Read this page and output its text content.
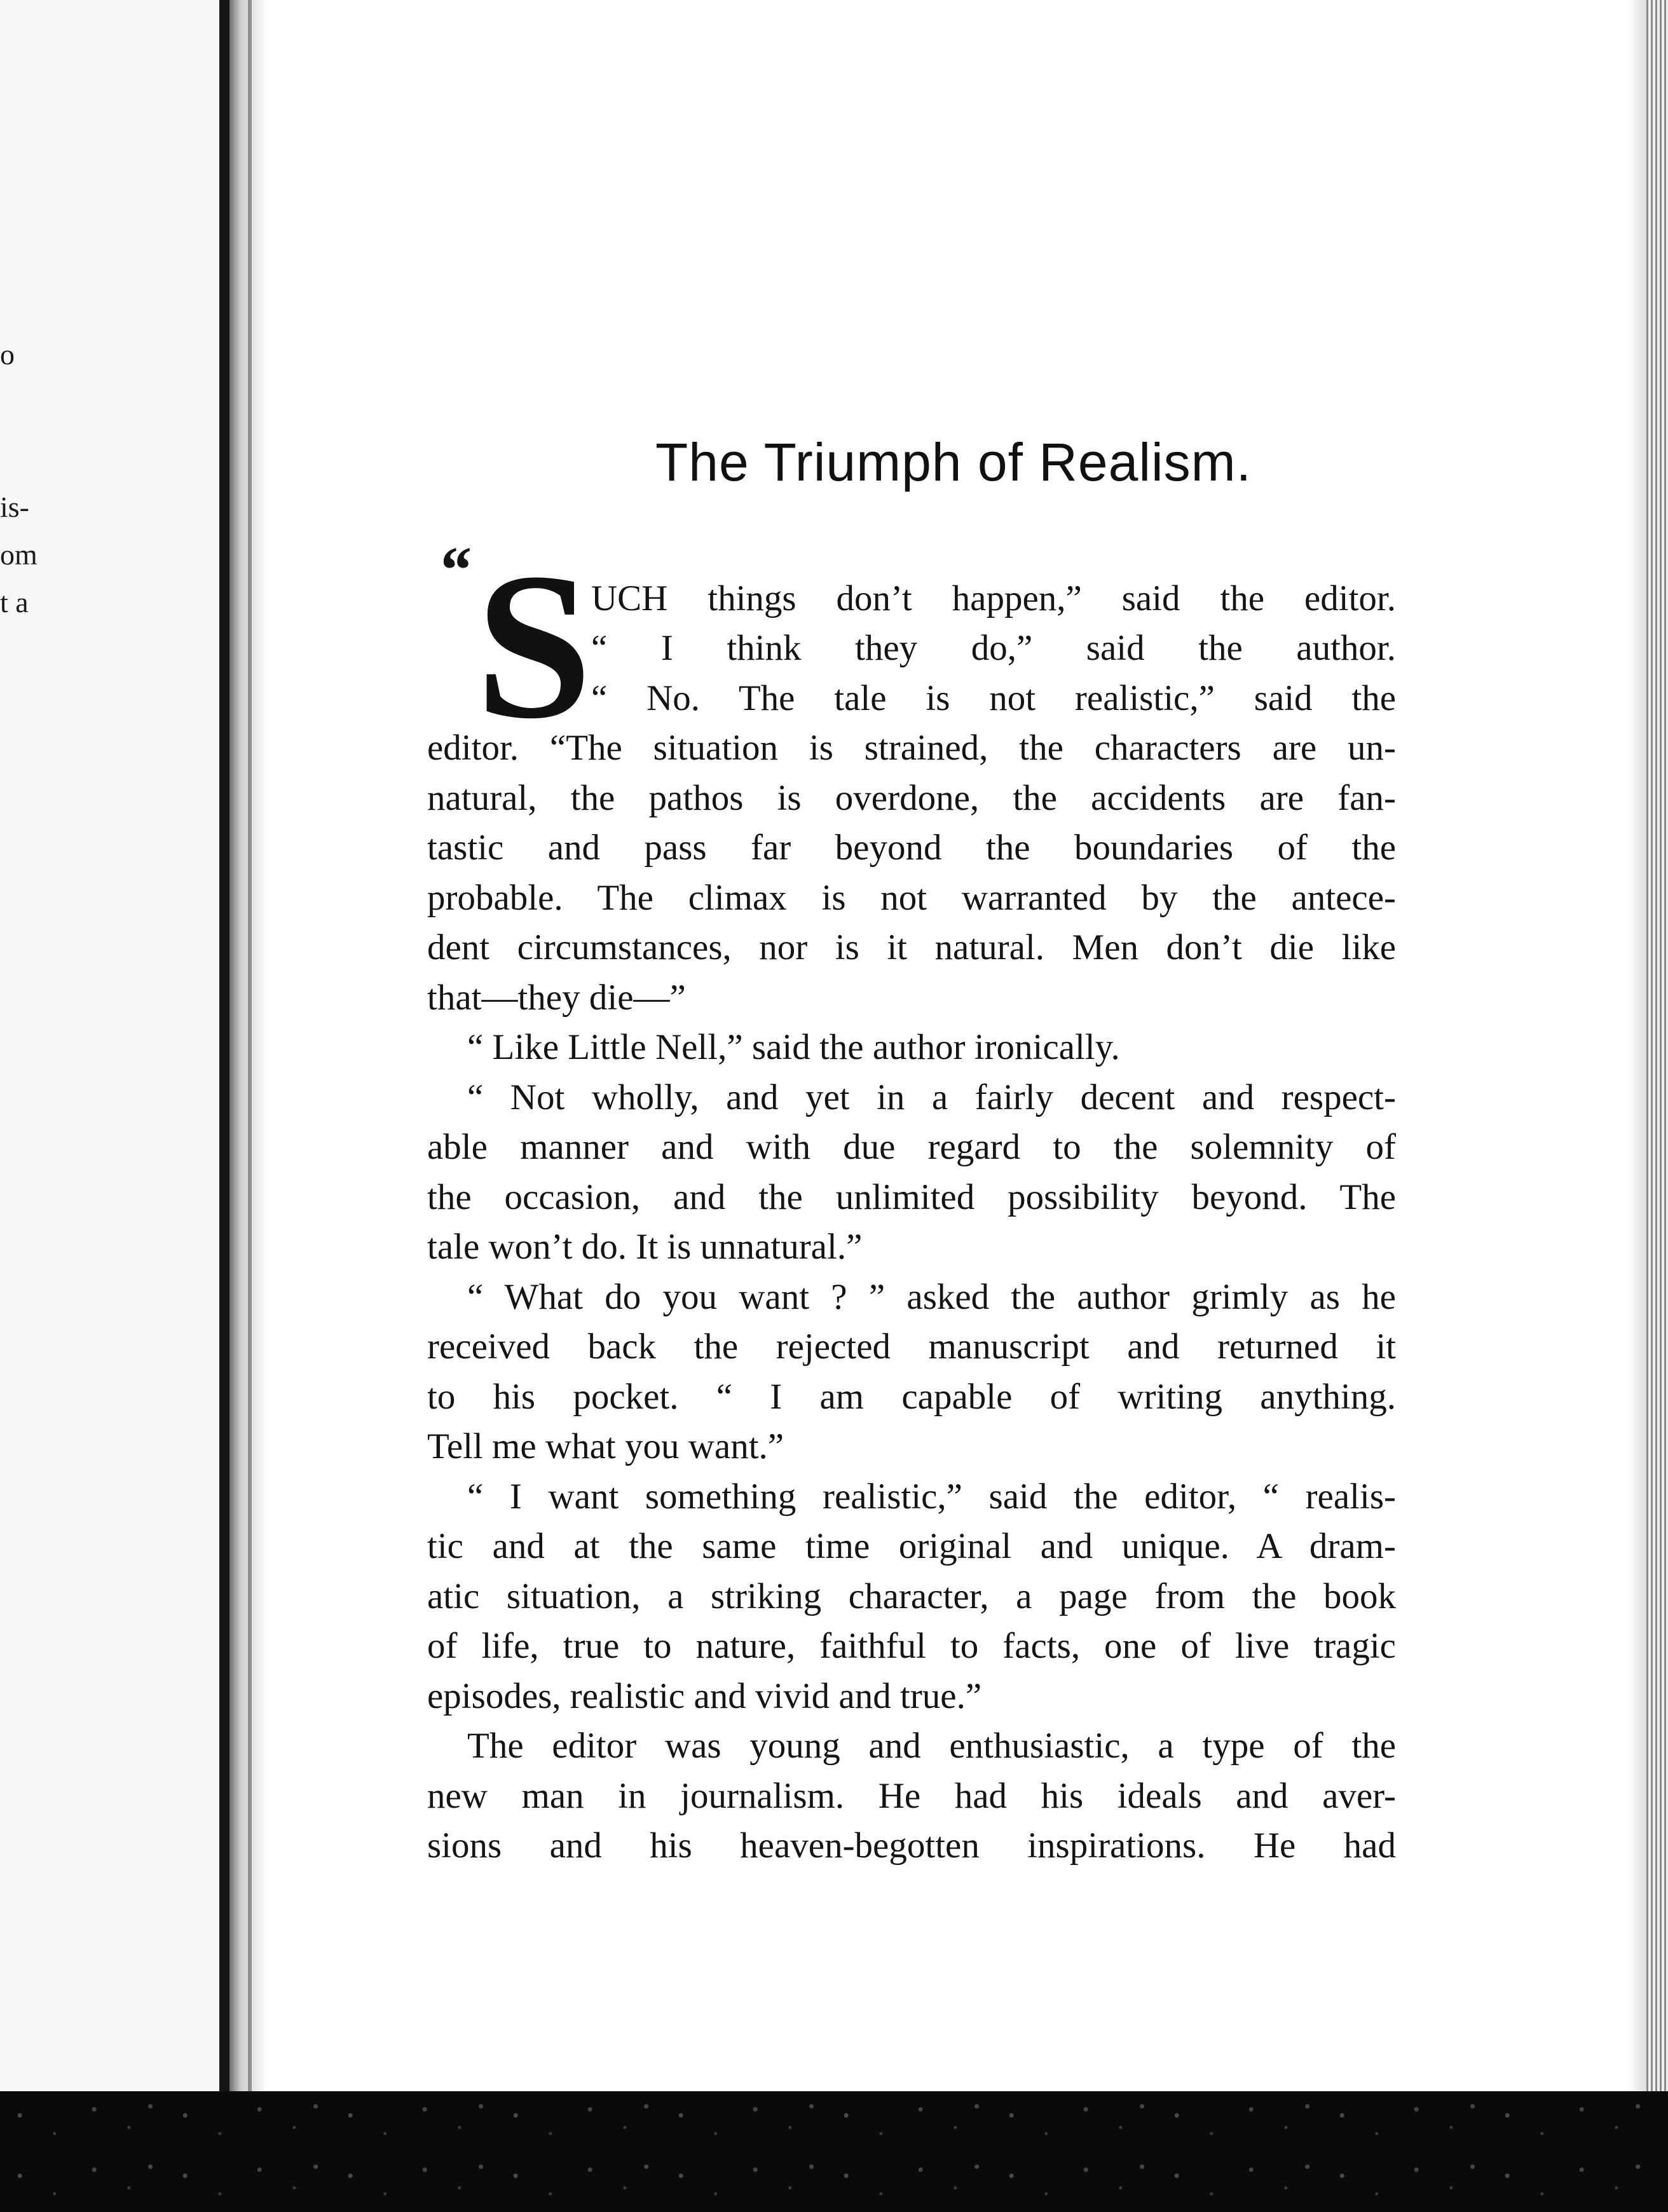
o
is-
om
t a
The Triumph of Realism.
“ S
UCH things don’t happen,” said the editor.
“ I think they do,” said the author.
“ No. The tale is not realistic,” said the
editor. “The situation is strained, the characters are un-
natural, the pathos is overdone, the accidents are fan-
tastic and pass far beyond the boundaries of the
probable. The climax is not warranted by the antece-
dent circumstances, nor is it natural. Men don’t die like
that—they die—”
“ Like Little Nell,” said the author ironically.
“ Not wholly, and yet in a fairly decent and respect-
able manner and with due regard to the solemnity of
the occasion, and the unlimited possibility beyond. The
tale won’t do. It is unnatural.”
“ What do you want ? ” asked the author grimly as he
received back the rejected manuscript and returned it
to his pocket. “ I am capable of writing anything.
Tell me what you want.”
“ I want something realistic,” said the editor, “ realis-
tic and at the same time original and unique. A dram-
atic situation, a striking character, a page from the book
of life, true to nature, faithful to facts, one of live tragic
episodes, realistic and vivid and true.”
The editor was young and enthusiastic, a type of the
new man in journalism. He had his ideals and aver-
sions and his heaven-begotten inspirations. He had
